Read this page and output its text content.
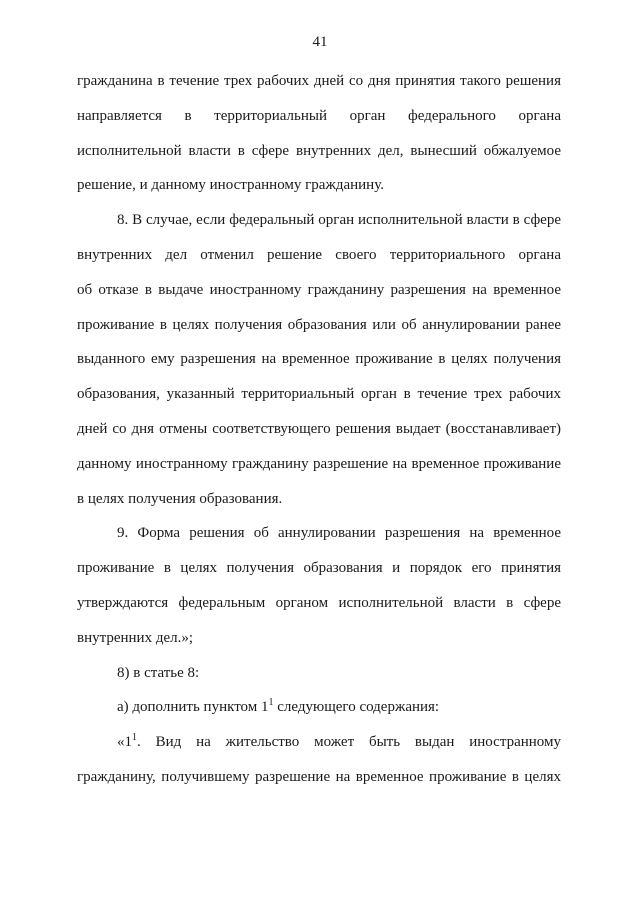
41

гражданина в течение трех рабочих дней со дня принятия такого решения
направляется в территориальный орган федерального органа
исполнительной власти в сфере внутренних дел, вынесший обжалуемое
решение, и данному иностранному гражданину.

8. В случае, если федеральный орган исполнительной власти в сфере
внутренних дел отменил решение своего территориального органа
об отказе в выдаче иностранному гражданину разрешения на временное
проживание в целях получения образования или об аннулировании ранее
выданного ему разрешения на временное проживание в целях получения
образования, указанный территориальный орган в течение трех рабочих
дней со дня отмены соответствующего решения выдает (восстанавливает)
данному иностранному гражданину разрешение на временное проживание
в целях получения образования.

9. Форма решения об аннулировании разрешения на временное
проживание в целях получения образования и порядок его принятия
утверждаются федеральным органом исполнительной власти в сфере
внутренних дел.»;

8) в статье 8:

а) дополнить пунктом $1^1$ следующего содержания:

«$1^1$. Вид на жительство может быть выдан иностранному
гражданину, получившему разрешение на временное проживание в целях
